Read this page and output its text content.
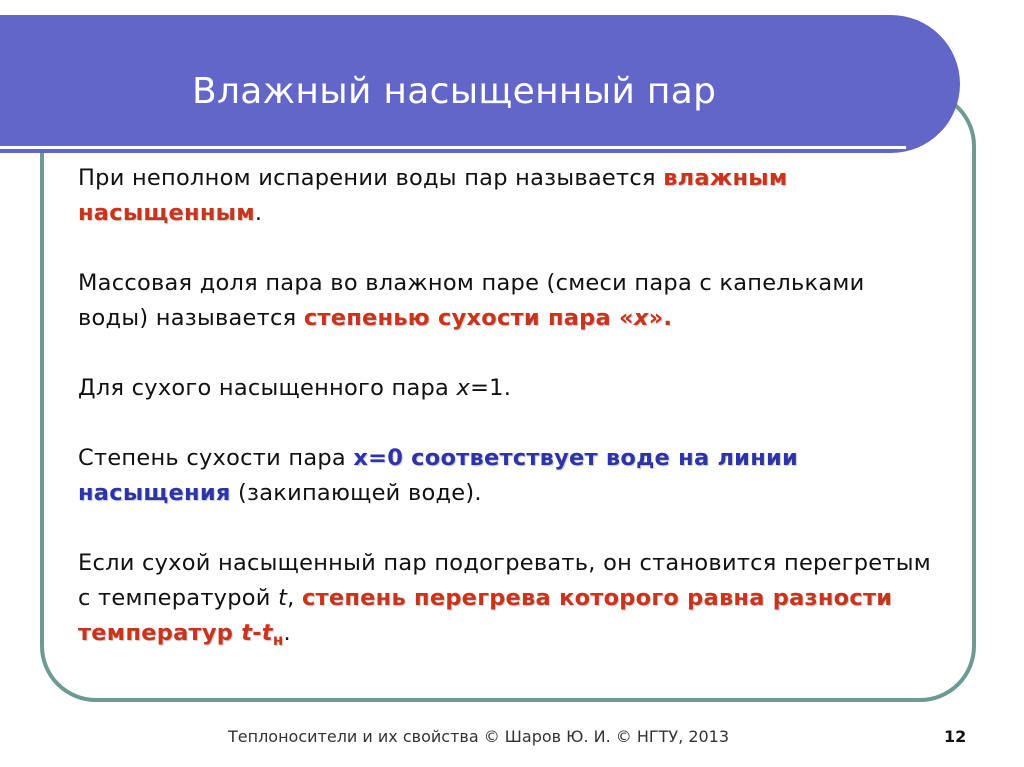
Влажный насыщенный пар

При неполном испарении воды пар называется влажным насыщенным.

Массовая доля пара во влажном паре (смеси пара с капельками воды) называется степенью сухости пара «x».

Для сухого насыщенного пара x=1.

Степень сухости пара x=0 соответствует воде на линии насыщения (закипающей воде).

Если сухой насыщенный пар подогревать, он становится перегретым с температурой t, степень перегрева которого равна разности температур $t-t_н$.

Теплоносители и их свойства © Шаров Ю. И. © НГТУ, 2013	12
